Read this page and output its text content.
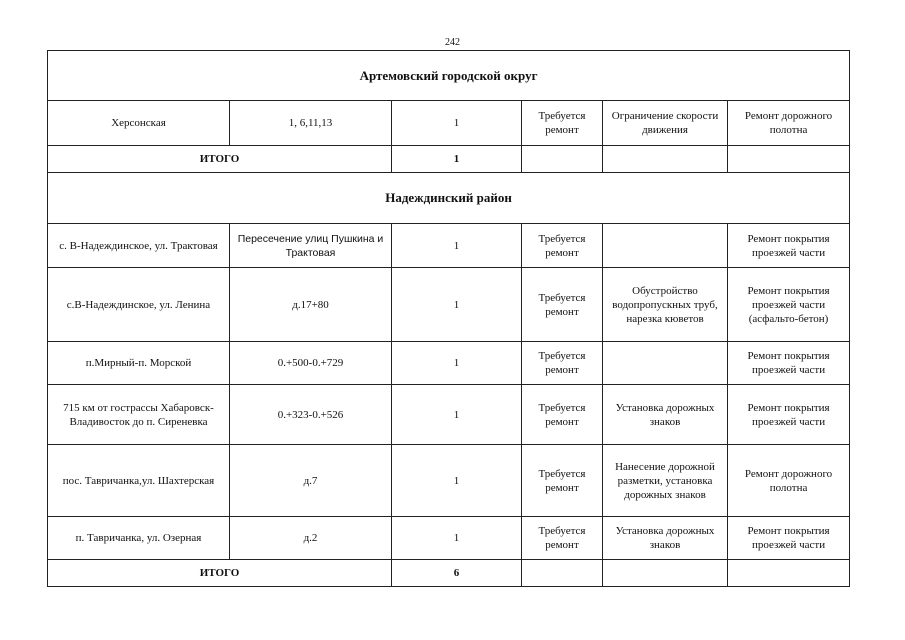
242
Артемовский городской округ					
Херсонская	1, 6,11,13	1	Требуется ремонт	Ограничение скорости движения	Ремонт дорожного полотна
ИТОГО		1			
Надеждинский район					
с. В-Надеждинское, ул. Трактовая	Пересечение улиц Пушкина и Трактовая	1	Требуется ремонт		Ремонт покрытия проезжей части
с.В-Надеждинское, ул. Ленина	д.17+80	1	Требуется ремонт	Обустройство водопропускных труб, нарезка кюветов	Ремонт покрытия проезжей части (асфальто-бетон)
п.Мирный-п. Морской	0.+500-0.+729	1	Требуется ремонт		Ремонт покрытия проезжей части
715 км от гострассы Хабаровск-Владивосток до п. Сиреневка	0.+323-0.+526	1	Требуется ремонт	Установка дорожных знаков	Ремонт покрытия проезжей части
пос. Тавричанка,ул. Шахтерская	д.7	1	Требуется ремонт	Нанесение дорожной разметки, установка дорожных знаков	Ремонт дорожного полотна
п. Тавричанка, ул. Озерная	д.2	1	Требуется ремонт	Установка дорожных знаков	Ремонт покрытия проезжей части
ИТОГО		6			
